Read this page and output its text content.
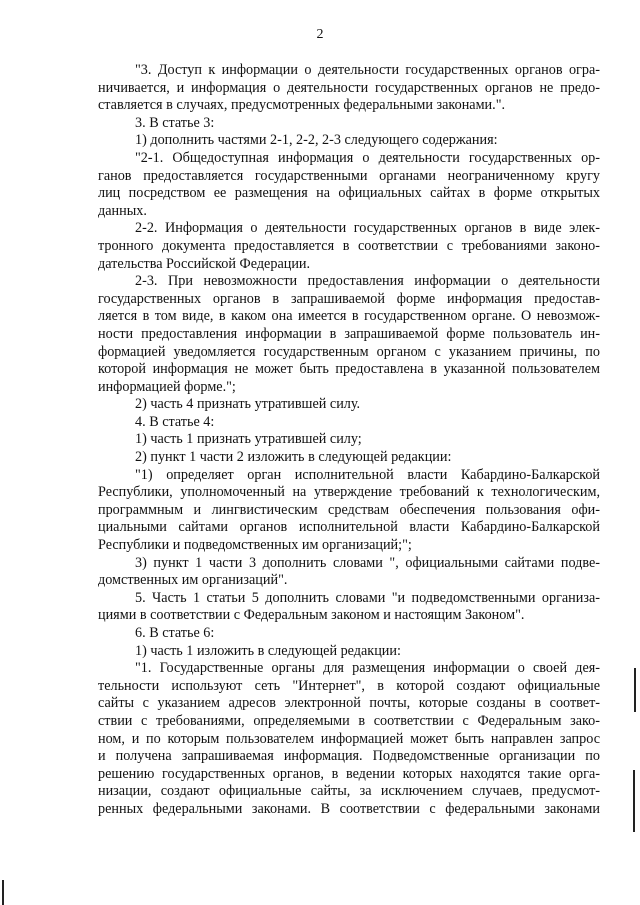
2
"3. Доступ к информации о деятельности государственных органов огра-
ничивается, и информация о деятельности государственных органов не предо-
ставляется в случаях, предусмотренных федеральными законами.".
3. В статье 3:
1) дополнить частями 2-1, 2-2, 2-3 следующего содержания:
"2-1. Общедоступная информация о деятельности государственных ор-
ганов предоставляется государственными органами неограниченному кругу
лиц посредством ее размещения на официальных сайтах в форме открытых
данных.
2-2. Информация о деятельности государственных органов в виде элек-
тронного документа предоставляется в соответствии с требованиями законо-
дательства Российской Федерации.
2-3. При невозможности предоставления информации о деятельности
государственных органов в запрашиваемой форме информация предостав-
ляется в том виде, в каком она имеется в государственном органе. О невозмож-
ности предоставления информации в запрашиваемой форме пользователь ин-
формацией уведомляется государственным органом с указанием причины, по
которой информация не может быть предоставлена в указанной пользователем
информацией форме.";
2) часть 4 признать утратившей силу.
4. В статье 4:
1) часть 1 признать утратившей силу;
2) пункт 1 части 2 изложить в следующей редакции:
"1) определяет орган исполнительной власти Кабардино-Балкарской
Республики, уполномоченный на утверждение требований к технологическим,
программным и лингвистическим средствам обеспечения пользования офи-
циальными сайтами органов исполнительной власти Кабардино-Балкарской
Республики и подведомственных им организаций;";
3) пункт 1 части 3 дополнить словами ", официальными сайтами подве-
домственных им организаций".
5. Часть 1 статьи 5 дополнить словами "и подведомственными организа-
циями в соответствии с Федеральным законом и настоящим Законом".
6. В статье 6:
1) часть 1 изложить в следующей редакции:
"1. Государственные органы для размещения информации о своей дея-
тельности используют сеть "Интернет", в которой создают официальные
сайты с указанием адресов электронной почты, которые созданы в соответ-
ствии с требованиями, определяемыми в соответствии с Федеральным зако-
ном, и по которым пользователем информацией может быть направлен запрос
и получена запрашиваемая информация. Подведомственные организации по
решению государственных органов, в ведении которых находятся такие орга-
низации, создают официальные сайты, за исключением случаев, предусмот-
ренных федеральными законами. В соответствии с федеральными законами
